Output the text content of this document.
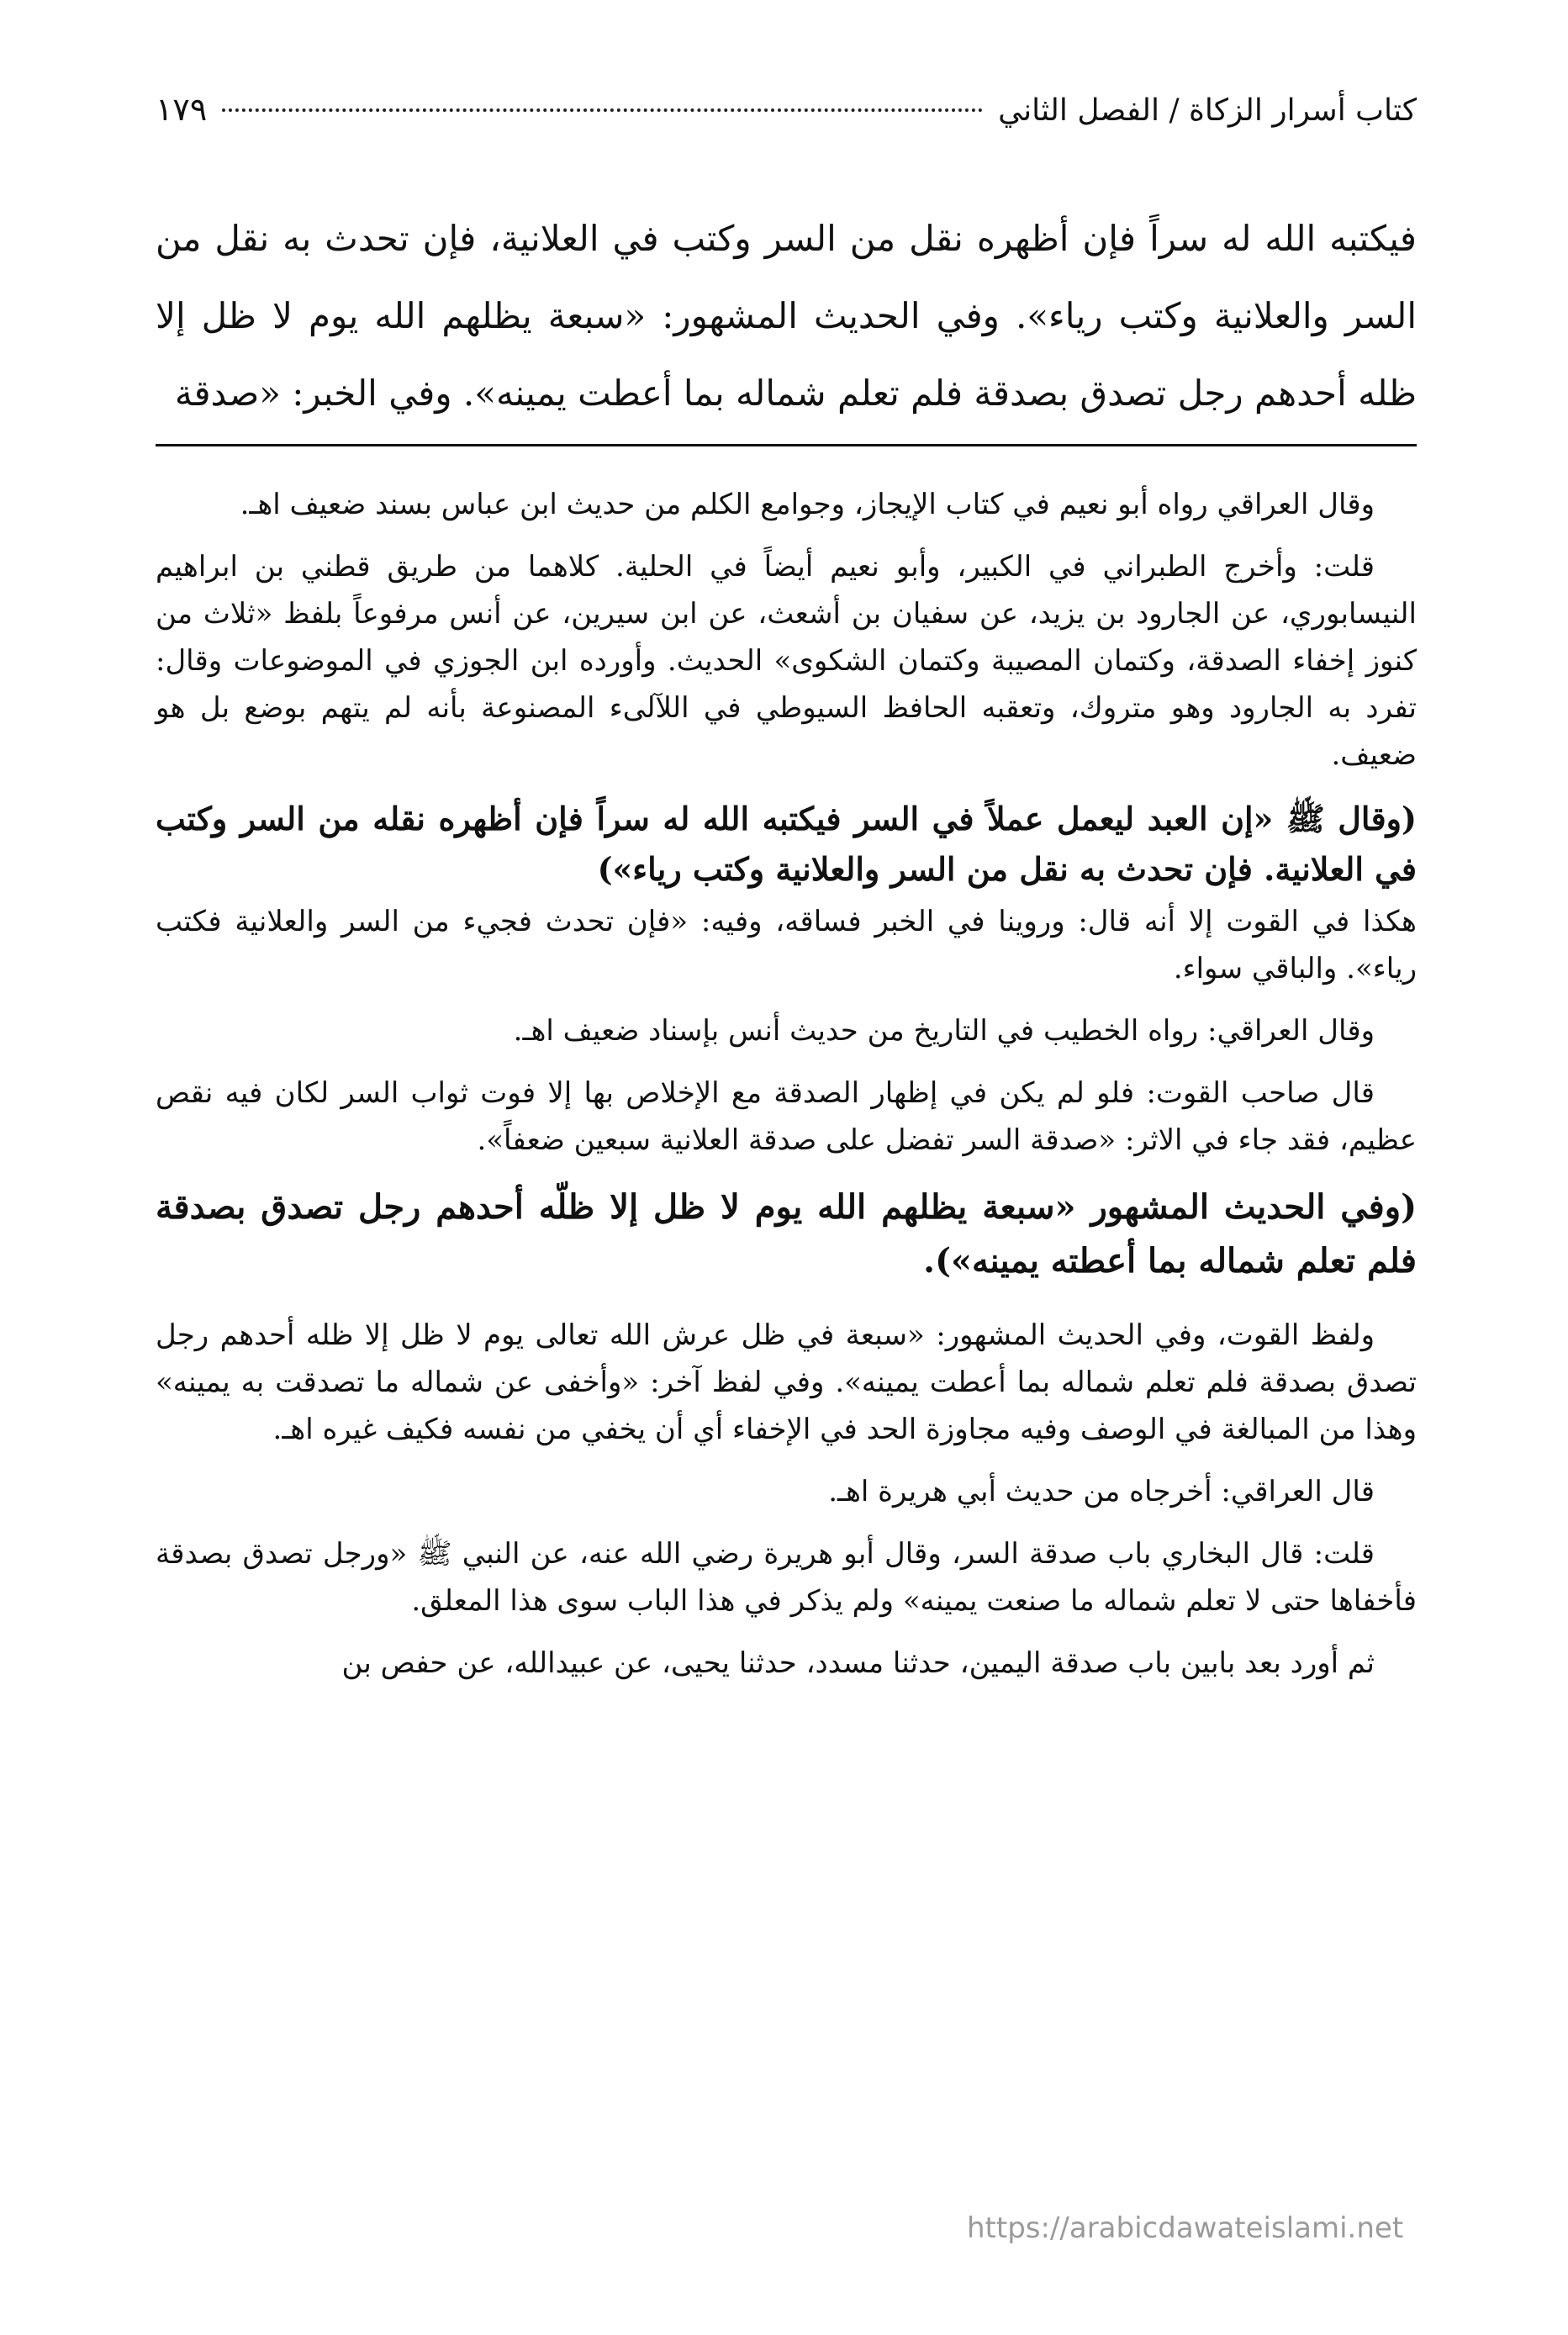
كتاب أسرار الزكاة / الفصل الثاني
١٧٩
فيكتبه الله له سراً فإن أظهره نقل من السر وكتب في العلانية، فإن تحدث به نقل من السر والعلانية وكتب رياء». وفي الحديث المشهور: «سبعة يظلهم الله يوم لا ظل إلا ظله أحدهم رجل تصدق بصدقة فلم تعلم شماله بما أعطت يمينه». وفي الخبر: «صدقة

وقال العراقي رواه أبو نعيم في كتاب الإيجاز، وجوامع الكلم من حديث ابن عباس بسند ضعيف اهـ.

قلت: وأخرج الطبراني في الكبير، وأبو نعيم أيضاً في الحلية. كلاهما من طريق قطني بن ابراهيم النيسابوري، عن الجارود بن يزيد، عن سفيان بن أشعث، عن ابن سيرين، عن أنس مرفوعاً بلفظ «ثلاث من كنوز إخفاء الصدقة، وكتمان المصيبة وكتمان الشكوى» الحديث. وأورده ابن الجوزي في الموضوعات وقال: تفرد به الجارود وهو متروك، وتعقبه الحافظ السيوطي في اللآلىء المصنوعة بأنه لم يتهم بوضع بل هو ضعيف.

(وقال ﷺ «إن العبد ليعمل عملاً في السر فيكتبه الله له سراً فإن أظهره نقله من السر وكتب في العلانية. فإن تحدث به نقل من السر والعلانية وكتب رياء»)

هكذا في القوت إلا أنه قال: وروينا في الخبر فساقه، وفيه: «فإن تحدث فجيء من السر والعلانية فكتب رياء». والباقي سواء.

وقال العراقي: رواه الخطيب في التاريخ من حديث أنس بإسناد ضعيف اهـ.

قال صاحب القوت: فلو لم يكن في إظهار الصدقة مع الإخلاص بها إلا فوت ثواب السر لكان فيه نقص عظيم، فقد جاء في الاثر: «صدقة السر تفضل على صدقة العلانية سبعين ضعفاً».

(وفي الحديث المشهور «سبعة يظلهم الله يوم لا ظل إلا ظلّه أحدهم رجل تصدق بصدقة فلم تعلم شماله بما أعطته يمينه»).

ولفظ القوت، وفي الحديث المشهور: «سبعة في ظل عرش الله تعالى يوم لا ظل إلا ظله أحدهم رجل تصدق بصدقة فلم تعلم شماله بما أعطت يمينه». وفي لفظ آخر: «وأخفى عن شماله ما تصدقت به يمينه» وهذا من المبالغة في الوصف وفيه مجاوزة الحد في الإخفاء أي أن يخفي من نفسه فكيف غيره اهـ.

قال العراقي: أخرجاه من حديث أبي هريرة اهـ.

قلت: قال البخاري باب صدقة السر، وقال أبو هريرة رضي الله عنه، عن النبي ﷺ «ورجل تصدق بصدقة فأخفاها حتى لا تعلم شماله ما صنعت يمينه» ولم يذكر في هذا الباب سوى هذا المعلق.

ثم أورد بعد بابين باب صدقة اليمين، حدثنا مسدد، حدثنا يحيى، عن عبيدالله، عن حفص بن

https://arabicdawateislami.net
